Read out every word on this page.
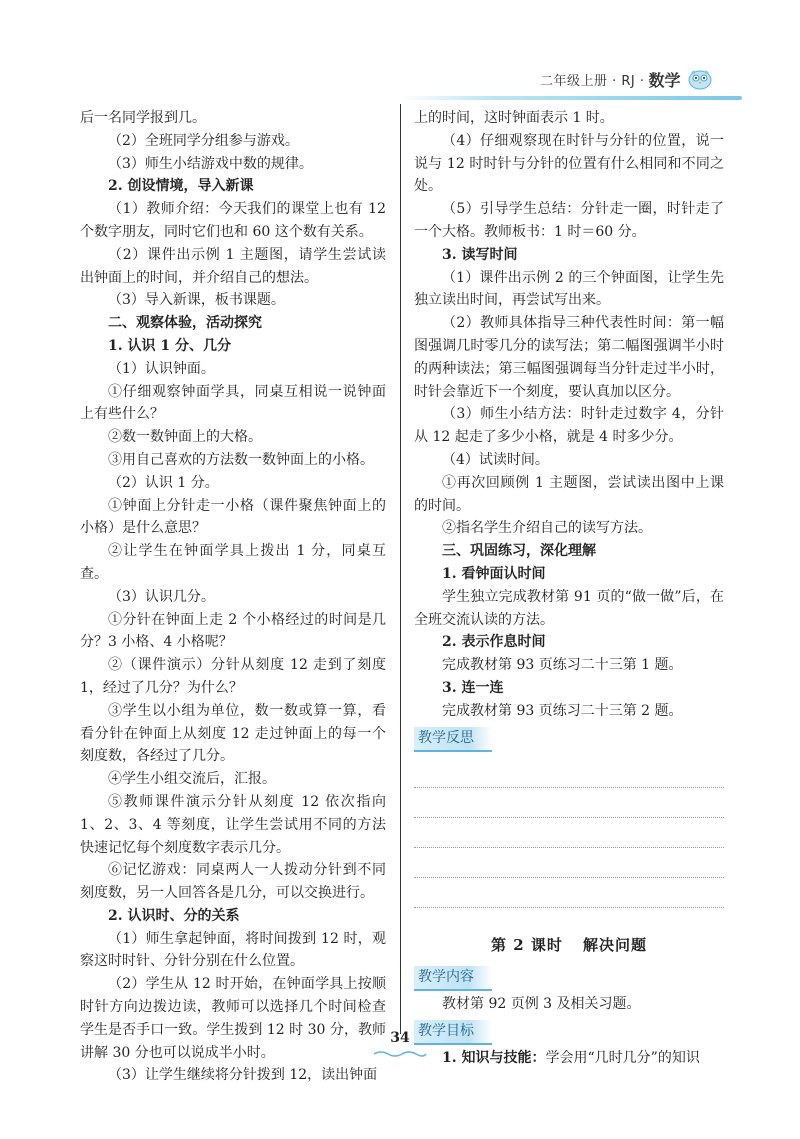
二年级上册 · RJ · 数学

后一名同学报到几。

（2）全班同学分组参与游戏。

（3）师生小结游戏中数的规律。

2. 创设情境，导入新课

（1）教师介绍：今天我们的课堂上也有 12 个数字朋友，同时它们也和 60 这个数有关系。

（2）课件出示例 1 主题图，请学生尝试读出钟面上的时间，并介绍自己的想法。

（3）导入新课，板书课题。

二、观察体验，活动探究

1. 认识 1 分、几分

（1）认识钟面。

①仔细观察钟面学具，同桌互相说一说钟面上有些什么？

②数一数钟面上的大格。

③用自己喜欢的方法数一数钟面上的小格。

（2）认识 1 分。

①钟面上分针走一小格（课件聚焦钟面上的小格）是什么意思？

②让学生在钟面学具上拨出 1 分，同桌互查。

（3）认识几分。

①分针在钟面上走 2 个小格经过的时间是几分？3 小格、4 小格呢？

②（课件演示）分针从刻度 12 走到了刻度 1，经过了几分？为什么？

③学生以小组为单位，数一数或算一算，看看分针在钟面上从刻度 12 走过钟面上的每一个刻度数，各经过了几分。

④学生小组交流后，汇报。

⑤教师课件演示分针从刻度 12 依次指向 1、2、3、4 等刻度，让学生尝试用不同的方法快速记忆每个刻度数字表示几分。

⑥记忆游戏：同桌两人一人拨动分针到不同刻度数，另一人回答各是几分，可以交换进行。

2. 认识时、分的关系

（1）师生拿起钟面，将时间拨到 12 时，观察这时时针、分针分别在什么位置。

（2）学生从 12 时开始，在钟面学具上按顺时针方向边拨边读，教师可以选择几个时间检查学生是否手口一致。学生拨到 12 时 30 分，教师讲解 30 分也可以说成半小时。

（3）让学生继续将分针拨到 12，读出钟面

上的时间，这时钟面表示 1 时。

（4）仔细观察现在时针与分针的位置，说一说与 12 时时针与分针的位置有什么相同和不同之处。

（5）引导学生总结：分针走一圈，时针走了一个大格。教师板书：1 时＝60 分。

3. 读写时间

（1）课件出示例 2 的三个钟面图，让学生先独立读出时间，再尝试写出来。

（2）教师具体指导三种代表性时间：第一幅图强调几时零几分的读写法；第二幅图强调半小时的两种读法；第三幅图强调每当分针走过半小时，时针会靠近下一个刻度，要认真加以区分。

（3）师生小结方法：时针走过数字 4，分针从 12 起走了多少小格，就是 4 时多少分。

（4）试读时间。

①再次回顾例 1 主题图，尝试读出图中上课的时间。

②指名学生介绍自己的读写方法。

三、巩固练习，深化理解

1. 看钟面认时间

学生独立完成教材第 91 页的“做一做”后，在全班交流认读的方法。

2. 表示作息时间

完成教材第 93 页练习二十三第 1 题。

3. 连一连

完成教材第 93 页练习二十三第 2 题。

教学反思
第 2 课时 解决问题
教学内容

教材第 92 页例 3 及相关习题。

教学目标

1. 知识与技能：学会用“几时几分”的知识

34
